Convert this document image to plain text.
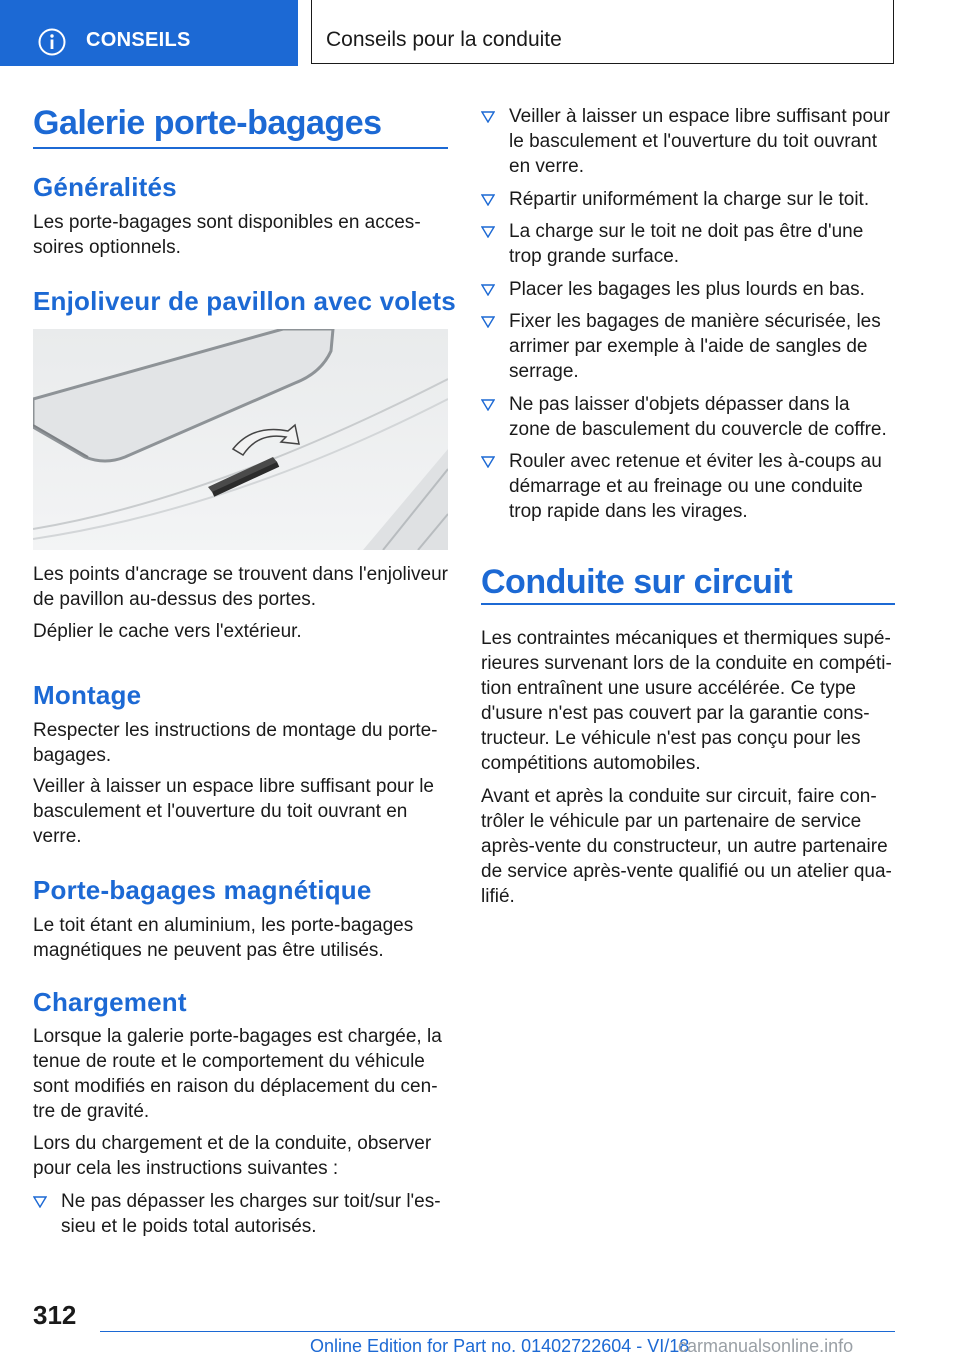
CONSEILS	Conseils pour la conduite
Galerie porte-bagages
Généralités
Les porte-bagages sont disponibles en accessoires optionnels.
Enjoliveur de pavillon avec volets
Les points d'ancrage se trouvent dans l'enjoliveur de pavillon au-dessus des portes.
Déplier le cache vers l'extérieur.
Montage
Respecter les instructions de montage du porte-bagages.
Veiller à laisser un espace libre suffisant pour le basculement et l'ouverture du toit ouvrant en verre.
Porte-bagages magnétique
Le toit étant en aluminium, les porte-bagages magnétiques ne peuvent pas être utilisés.
Chargement
Lorsque la galerie porte-bagages est chargée, la tenue de route et le comportement du véhicule sont modifiés en raison du déplacement du centre de gravité.
Lors du chargement et de la conduite, observer pour cela les instructions suivantes :
Ne pas dépasser les charges sur toit/sur l'essieu et le poids total autorisés.
Veiller à laisser un espace libre suffisant pour le basculement et l'ouverture du toit ouvrant en verre.
Répartir uniformément la charge sur le toit.
La charge sur le toit ne doit pas être d'une trop grande surface.
Placer les bagages les plus lourds en bas.
Fixer les bagages de manière sécurisée, les arrimer par exemple à l'aide de sangles de serrage.
Ne pas laisser d'objets dépasser dans la zone de basculement du couvercle de coffre.
Rouler avec retenue et éviter les à-coups au démarrage et au freinage ou une conduite trop rapide dans les virages.
Conduite sur circuit
Les contraintes mécaniques et thermiques supérieures survenant lors de la conduite en compétition entraînent une usure accélérée. Ce type d'usure n'est pas couvert par la garantie constructeur. Le véhicule n'est pas conçu pour les compétitions automobiles.
Avant et après la conduite sur circuit, faire contrôler le véhicule par un partenaire de service après-vente du constructeur, un autre partenaire de service après-vente qualifié ou un atelier qualifié.
312
Online Edition for Part no. 01402722604 - VI/18
carmanualsonline.info
